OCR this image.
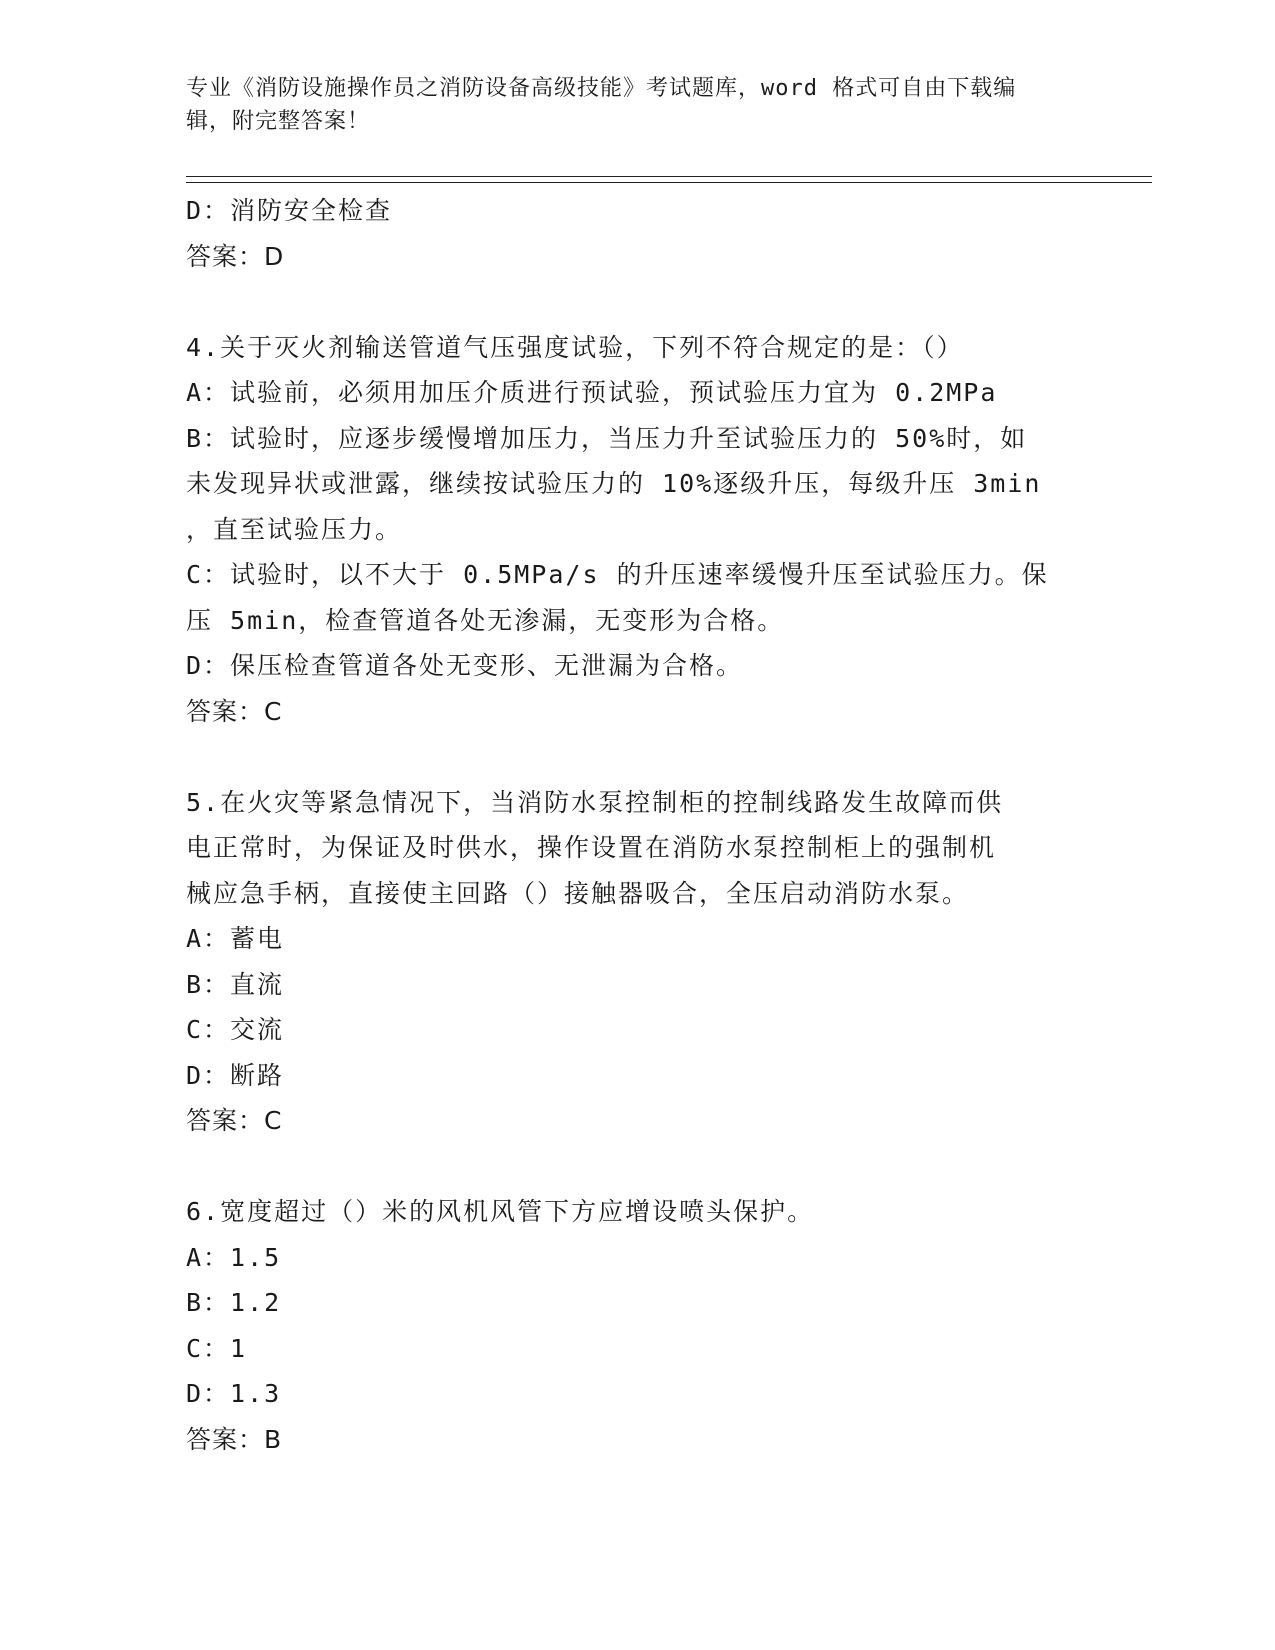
专业《消防设施操作员之消防设备高级技能》考试题库，word 格式可自由下载编
辑，附完整答案！
D：消防安全检查
答案：D
4.关于灭火剂输送管道气压强度试验，下列不符合规定的是：（）
A：试验前，必须用加压介质进行预试验，预试验压力宜为 0.2MPa
B：试验时，应逐步缓慢增加压力，当压力升至试验压力的 50%时，如
未发现异状或泄露，继续按试验压力的 10%逐级升压，每级升压 3min
，直至试验压力。
C：试验时，以不大于 0.5MPa/s 的升压速率缓慢升压至试验压力。保
压 5min，检查管道各处无渗漏，无变形为合格。
D：保压检查管道各处无变形、无泄漏为合格。
答案：C
5.在火灾等紧急情况下，当消防水泵控制柜的控制线路发生故障而供
电正常时，为保证及时供水，操作设置在消防水泵控制柜上的强制机
械应急手柄，直接使主回路（）接触器吸合，全压启动消防水泵。
A：蓄电
B：直流
C：交流
D：断路
答案：C
6.宽度超过（）米的风机风管下方应增设喷头保护。
A：1.5
B：1.2
C：1
D：1.3
答案：B
